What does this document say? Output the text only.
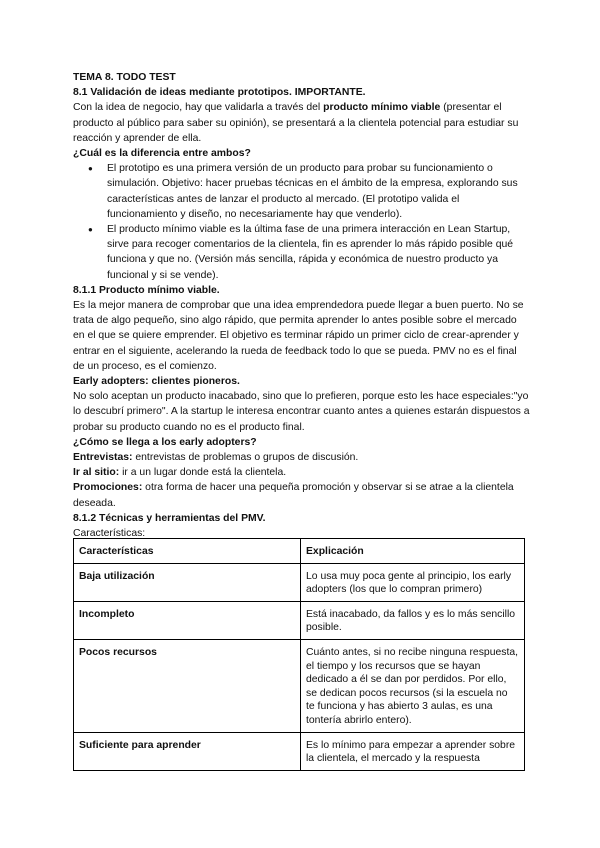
TEMA 8. TODO TEST

8.1 Validación de ideas mediante prototipos. IMPORTANTE.

Con la idea de negocio, hay que validarla a través del producto mínimo viable (presentar el producto al público para saber su opinión), se presentará a la clientela potencial para estudiar su reacción y aprender de ella.

¿Cuál es la diferencia entre ambos?

● El prototipo es una primera versión de un producto para probar su funcionamiento o simulación. Objetivo: hacer pruebas técnicas en el ámbito de la empresa, explorando sus características antes de lanzar el producto al mercado. (El prototipo valida el funcionamiento y diseño, no necesariamente hay que venderlo).
● El producto mínimo viable es la última fase de una primera interacción en Lean Startup, sirve para recoger comentarios de la clientela, fin es aprender lo más rápido posible qué funciona y que no. (Versión más sencilla, rápida y económica de nuestro producto ya funcional y si se vende).

8.1.1 Producto mínimo viable.

Es la mejor manera de comprobar que una idea emprendedora puede llegar a buen puerto. No se trata de algo pequeño, sino algo rápido, que permita aprender lo antes posible sobre el mercado en el que se quiere emprender. El objetivo es terminar rápido un primer ciclo de crear-aprender y entrar en el siguiente, acelerando la rueda de feedback todo lo que se pueda. PMV no es el final de un proceso, es el comienzo.

Early adopters: clientes pioneros.

No solo aceptan un producto inacabado, sino que lo prefieren, porque esto les hace especiales:"yo lo descubrí primero". A la startup le interesa encontrar cuanto antes a quienes estarán dispuestos a probar su producto cuando no es el producto final.

¿Cómo se llega a los early adopters?

Entrevistas: entrevistas de problemas o grupos de discusión.

Ir al sitio: ir a un lugar donde está la clientela.

Promociones: otra forma de hacer una pequeña promoción y observar si se atrae a la clientela deseada.

8.1.2 Técnicas y herramientas del PMV.

Características:

Características	Explicación
Baja utilización	Lo usa muy poca gente al principio, los early adopters (los que lo compran primero)
Incompleto	Está inacabado, da fallos y es lo más sencillo posible.
Pocos recursos	Cuánto antes, si no recibe ninguna respuesta, el tiempo y los recursos que se hayan dedicado a él se dan por perdidos. Por ello, se dedican pocos recursos (si la escuela no te funciona y has abierto 3 aulas, es una tontería abrirlo entero).
Suficiente para aprender	Es lo mínimo para empezar a aprender sobre la clientela, el mercado y la respuesta
